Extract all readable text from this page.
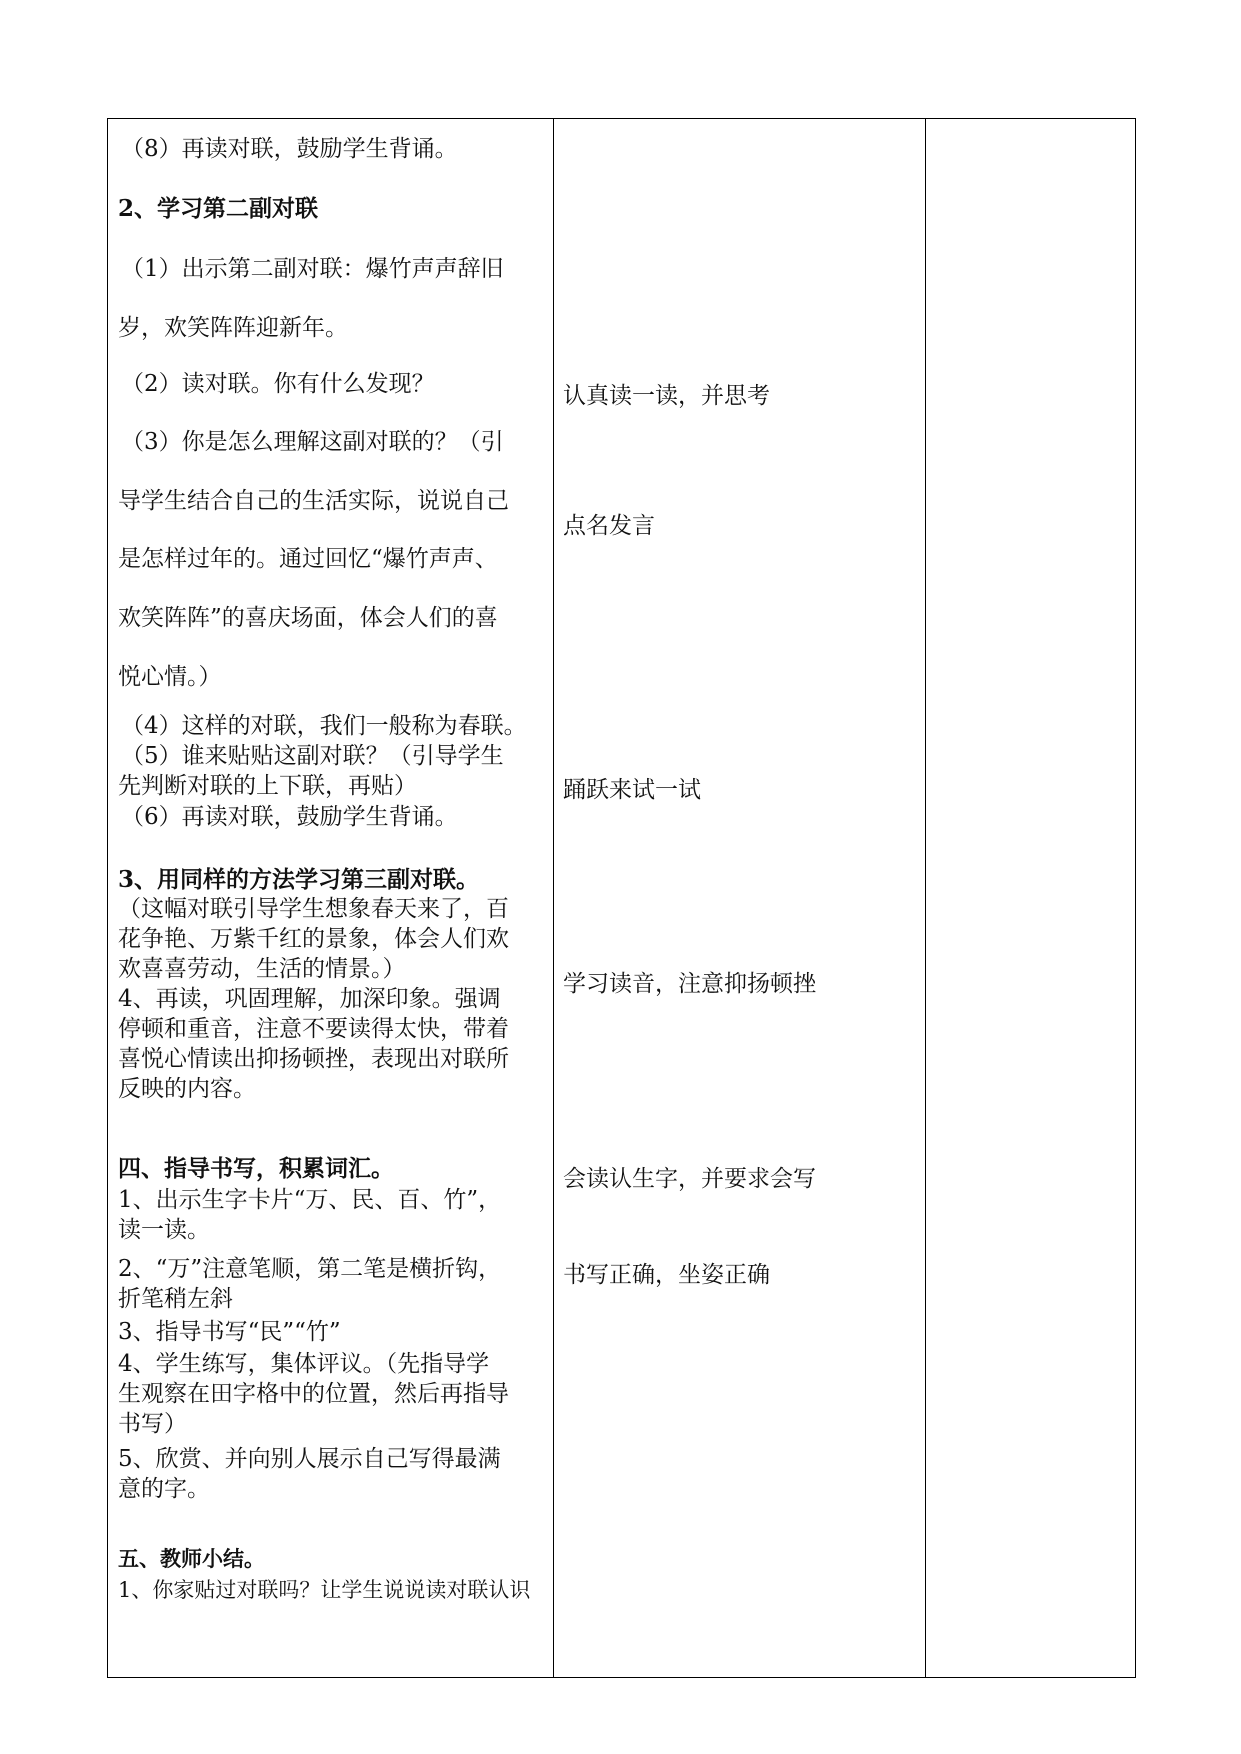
（8）再读对联，鼓励学生背诵。
2、学习第二副对联
（1）出示第二副对联：爆竹声声辞旧
岁，欢笑阵阵迎新年。
（2）读对联。你有什么发现？
（3）你是怎么理解这副对联的？（引
导学生结合自己的生活实际，说说自己
是怎样过年的。通过回忆“爆竹声声、
欢笑阵阵”的喜庆场面，体会人们的喜
悦心情。）
（4）这样的对联，我们一般称为春联。
（5）谁来贴贴这副对联？（引导学生
先判断对联的上下联，再贴）
（6）再读对联，鼓励学生背诵。
3、用同样的方法学习第三副对联。
（这幅对联引导学生想象春天来了，百
花争艳、万紫千红的景象，体会人们欢
欢喜喜劳动，生活的情景。）
4、再读，巩固理解，加深印象。强调
停顿和重音，注意不要读得太快，带着
喜悦心情读出抑扬顿挫，表现出对联所
反映的内容。
四、指导书写，积累词汇。
1、出示生字卡片“万、民、百、竹”，
读一读。
2、“万”注意笔顺，第二笔是横折钩，
折笔稍左斜
3、指导书写“民”“竹”
4、学生练写，集体评议。（先指导学
生观察在田字格中的位置，然后再指导
书写）
5、欣赏、并向别人展示自己写得最满
意的字。
五、教师小结。
1、你家贴过对联吗？让学生说说读对联认识
认真读一读，并思考
点名发言
踊跃来试一试
学习读音，注意抑扬顿挫
会读认生字，并要求会写
书写正确，坐姿正确
